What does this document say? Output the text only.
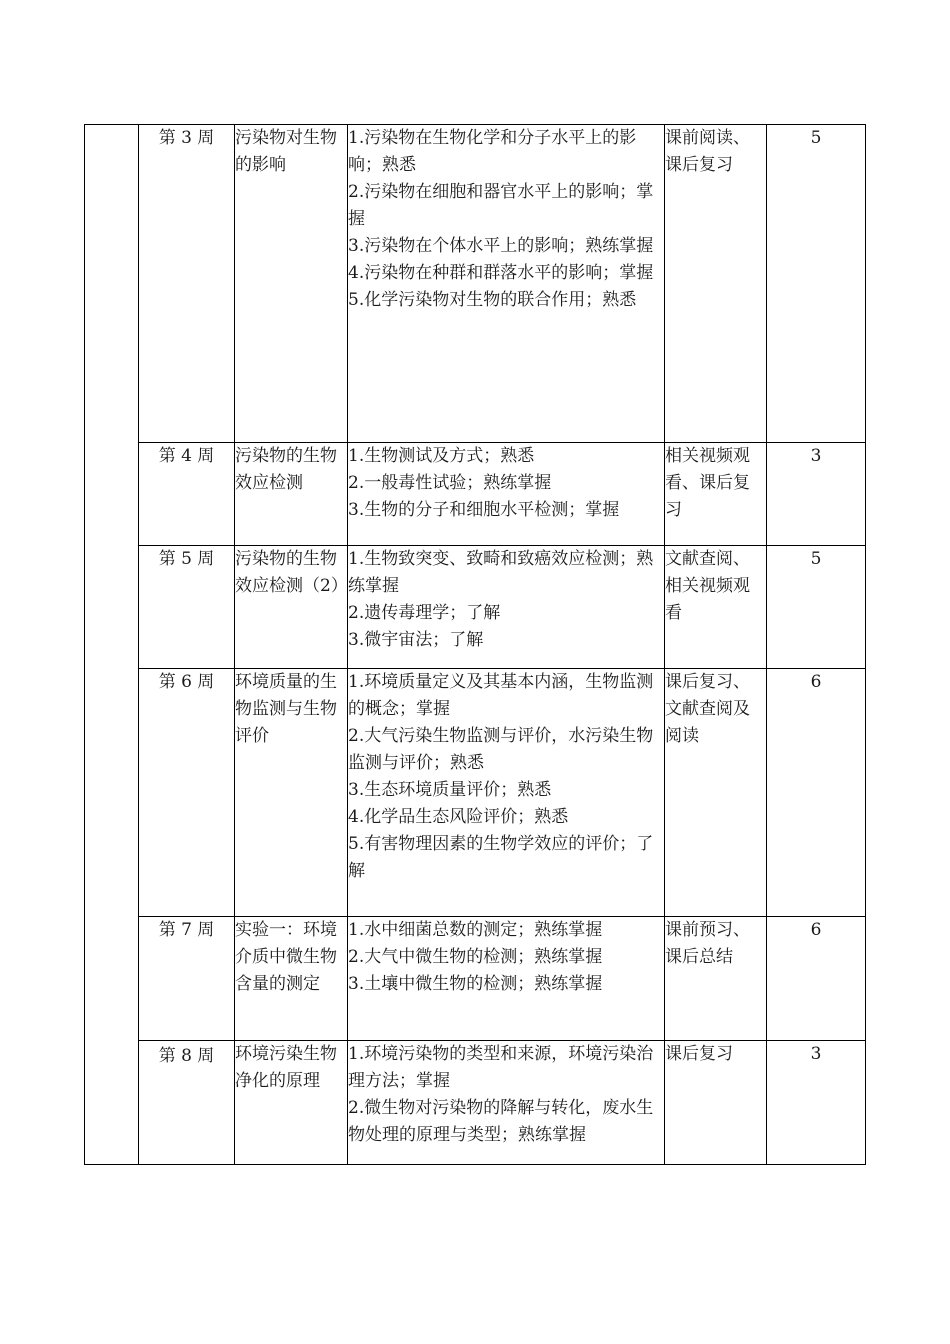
	第 3 周	污染物对生物的影响	1.污染物在生物化学和分子水平上的影响；熟悉
2.污染物在细胞和器官水平上的影响；掌握
3.污染物在个体水平上的影响；熟练掌握
4.污染物在种群和群落水平的影响；掌握
5.化学污染物对生物的联合作用；熟悉	课前阅读、课后复习	5
	第 4 周	污染物的生物效应检测	1.生物测试及方式；熟悉
2.一般毒性试验；熟练掌握
3.生物的分子和细胞水平检测；掌握	相关视频观看、课后复习	3
	第 5 周	污染物的生物效应检测（2）	1.生物致突变、致畸和致癌效应检测；熟练掌握
2.遗传毒理学；了解
3.微宇宙法；了解	文献查阅、相关视频观看	5
	第 6 周	环境质量的生物监测与生物评价	1.环境质量定义及其基本内涵，生物监测的概念；掌握
2.大气污染生物监测与评价，水污染生物监测与评价；熟悉
3.生态环境质量评价；熟悉
4.化学品生态风险评价；熟悉
5.有害物理因素的生物学效应的评价；了解	课后复习、文献查阅及阅读	6
	第 7 周	实验一：环境介质中微生物含量的测定	1.水中细菌总数的测定；熟练掌握
2.大气中微生物的检测；熟练掌握
3.土壤中微生物的检测；熟练掌握	课前预习、课后总结	6
	第 8 周	环境污染生物净化的原理	1.环境污染物的类型和来源，环境污染治理方法；掌握
2.微生物对污染物的降解与转化，废水生物处理的原理与类型；熟练掌握	课后复习	3
